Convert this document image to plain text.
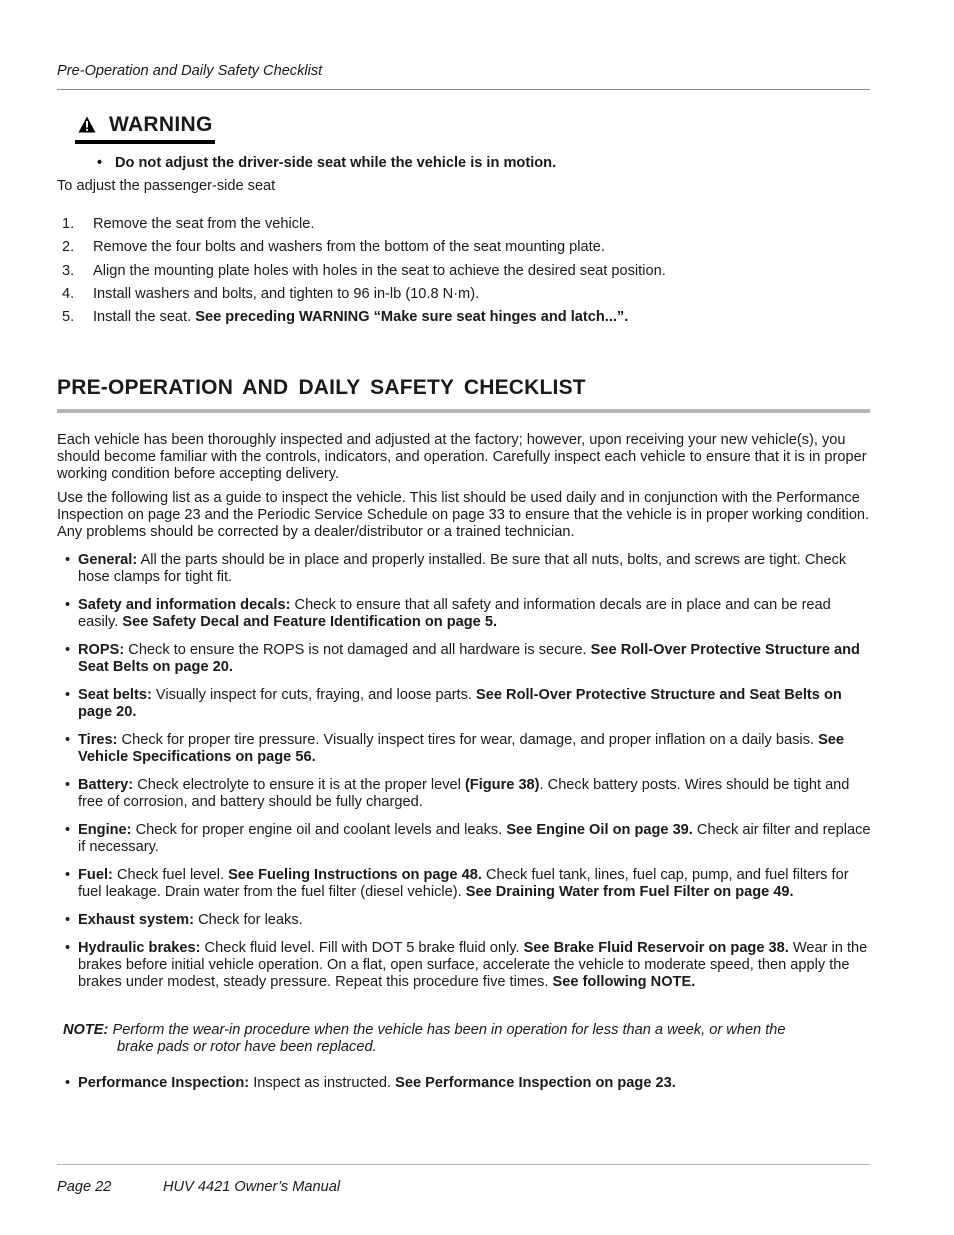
Pre-Operation and Daily Safety Checklist
WARNING
• Do not adjust the driver-side seat while the vehicle is in motion.
To adjust the passenger-side seat
1.	Remove the seat from the vehicle.
2.	Remove the four bolts and washers from the bottom of the seat mounting plate.
3.	Align the mounting plate holes with holes in the seat to achieve the desired seat position.
4.	Install washers and bolts, and tighten to 96 in-lb (10.8 N·m).
5.	Install the seat. See preceding WARNING “Make sure seat hinges and latch...”.
PRE-OPERATION AND DAILY SAFETY CHECKLIST
Each vehicle has been thoroughly inspected and adjusted at the factory; however, upon receiving your new vehicle(s), you should become familiar with the controls, indicators, and operation. Carefully inspect each vehicle to ensure that it is in proper working condition before accepting delivery.
Use the following list as a guide to inspect the vehicle. This list should be used daily and in conjunction with the Performance Inspection on page 23 and the Periodic Service Schedule on page 33 to ensure that the vehicle is in proper working condition. Any problems should be corrected by a dealer/distributor or a trained technician.
• General: All the parts should be in place and properly installed. Be sure that all nuts, bolts, and screws are tight. Check hose clamps for tight fit.
• Safety and information decals: Check to ensure that all safety and information decals are in place and can be read easily. See Safety Decal and Feature Identification on page 5.
• ROPS: Check to ensure the ROPS is not damaged and all hardware is secure. See Roll-Over Protective Structure and Seat Belts on page 20.
• Seat belts: Visually inspect for cuts, fraying, and loose parts. See Roll-Over Protective Structure and Seat Belts on page 20.
• Tires: Check for proper tire pressure. Visually inspect tires for wear, damage, and proper inflation on a daily basis. See Vehicle Specifications on page 56.
• Battery: Check electrolyte to ensure it is at the proper level (Figure 38). Check battery posts. Wires should be tight and free of corrosion, and battery should be fully charged.
• Engine: Check for proper engine oil and coolant levels and leaks. See Engine Oil on page 39. Check air filter and replace if necessary.
• Fuel: Check fuel level. See Fueling Instructions on page 48. Check fuel tank, lines, fuel cap, pump, and fuel filters for fuel leakage. Drain water from the fuel filter (diesel vehicle). See Draining Water from Fuel Filter on page 49.
• Exhaust system: Check for leaks.
• Hydraulic brakes: Check fluid level. Fill with DOT 5 brake fluid only. See Brake Fluid Reservoir on page 38. Wear in the brakes before initial vehicle operation. On a flat, open surface, accelerate the vehicle to moderate speed, then apply the brakes under modest, steady pressure. Repeat this procedure five times. See following NOTE.
NOTE: Perform the wear-in procedure when the vehicle has been in operation for less than a week, or when the
brake pads or rotor have been replaced.
• Performance Inspection: Inspect as instructed. See Performance Inspection on page 23.
Page 22	HUV 4421 Owner’s Manual
